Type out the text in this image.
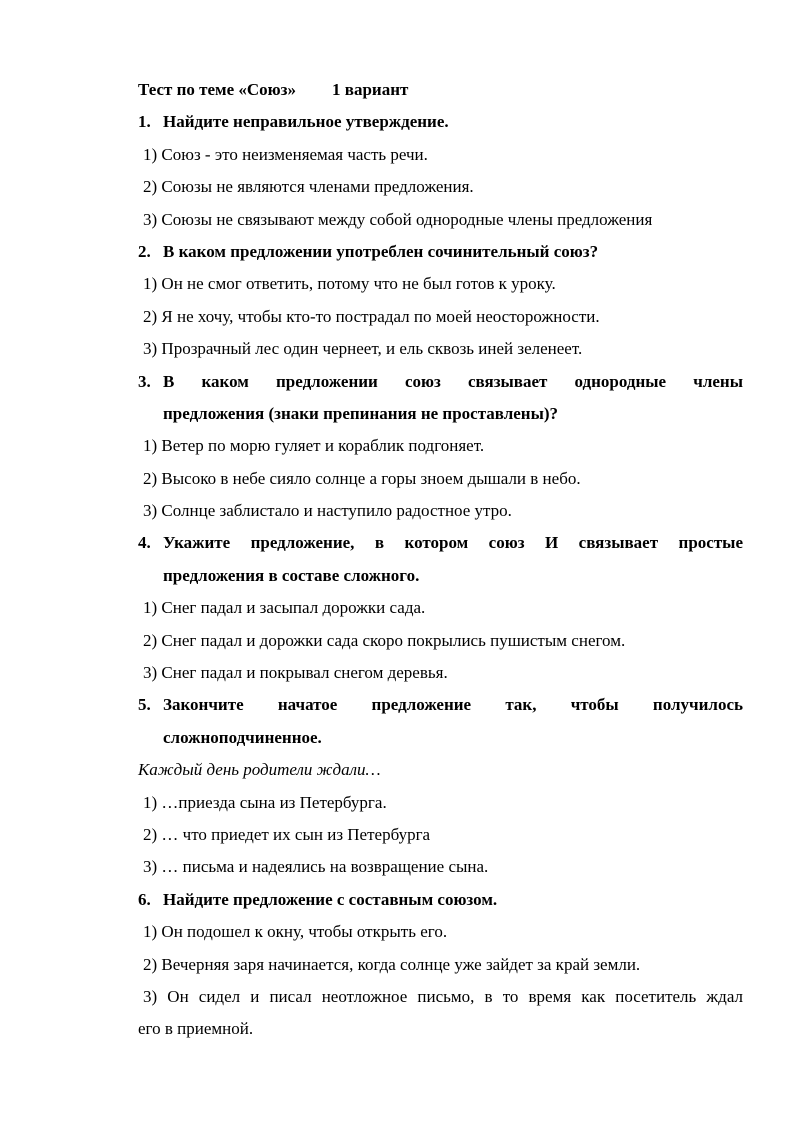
Тест по теме «Союз» 1 вариант
1. Найдите неправильное утверждение.
1) Союз - это неизменяемая часть речи.
2) Союзы не являются членами предложения.
3) Союзы не связывают между собой однородные члены предложения
2. В каком предложении употреблен сочинительный союз?
1) Он не смог ответить, потому что не был готов к уроку.
2) Я не хочу, чтобы кто-то пострадал по моей неосторожности.
3) Прозрачный лес один чернеет, и ель сквозь иней зеленеет.
3. В каком предложении союз связывает однородные члены
предложения (знаки препинания не проставлены)?
1) Ветер по морю гуляет и кораблик подгоняет.
2) Высоко в небе сияло солнце а горы зноем дышали в небо.
3) Солнце заблистало и наступило радостное утро.
4. Укажите предложение, в котором союз И связывает простые
предложения в составе сложного.
1) Снег падал и засыпал дорожки сада.
2) Снег падал и дорожки сада скоро покрылись пушистым снегом.
3) Снег падал и покрывал снегом деревья.
5. Закончите начатое предложение так, чтобы получилось
сложноподчиненное.
Каждый день родители ждали…
1) …приезда сына из Петербурга.
2) … что приедет их сын из Петербурга
3) … письма и надеялись на возвращение сына.
6. Найдите предложение с составным союзом.
1) Он подошел к окну, чтобы открыть его.
2) Вечерняя заря начинается, когда солнце уже зайдет за край земли.
3) Он сидел и писал неотложное письмо, в то время как посетитель ждал
его в приемной.
